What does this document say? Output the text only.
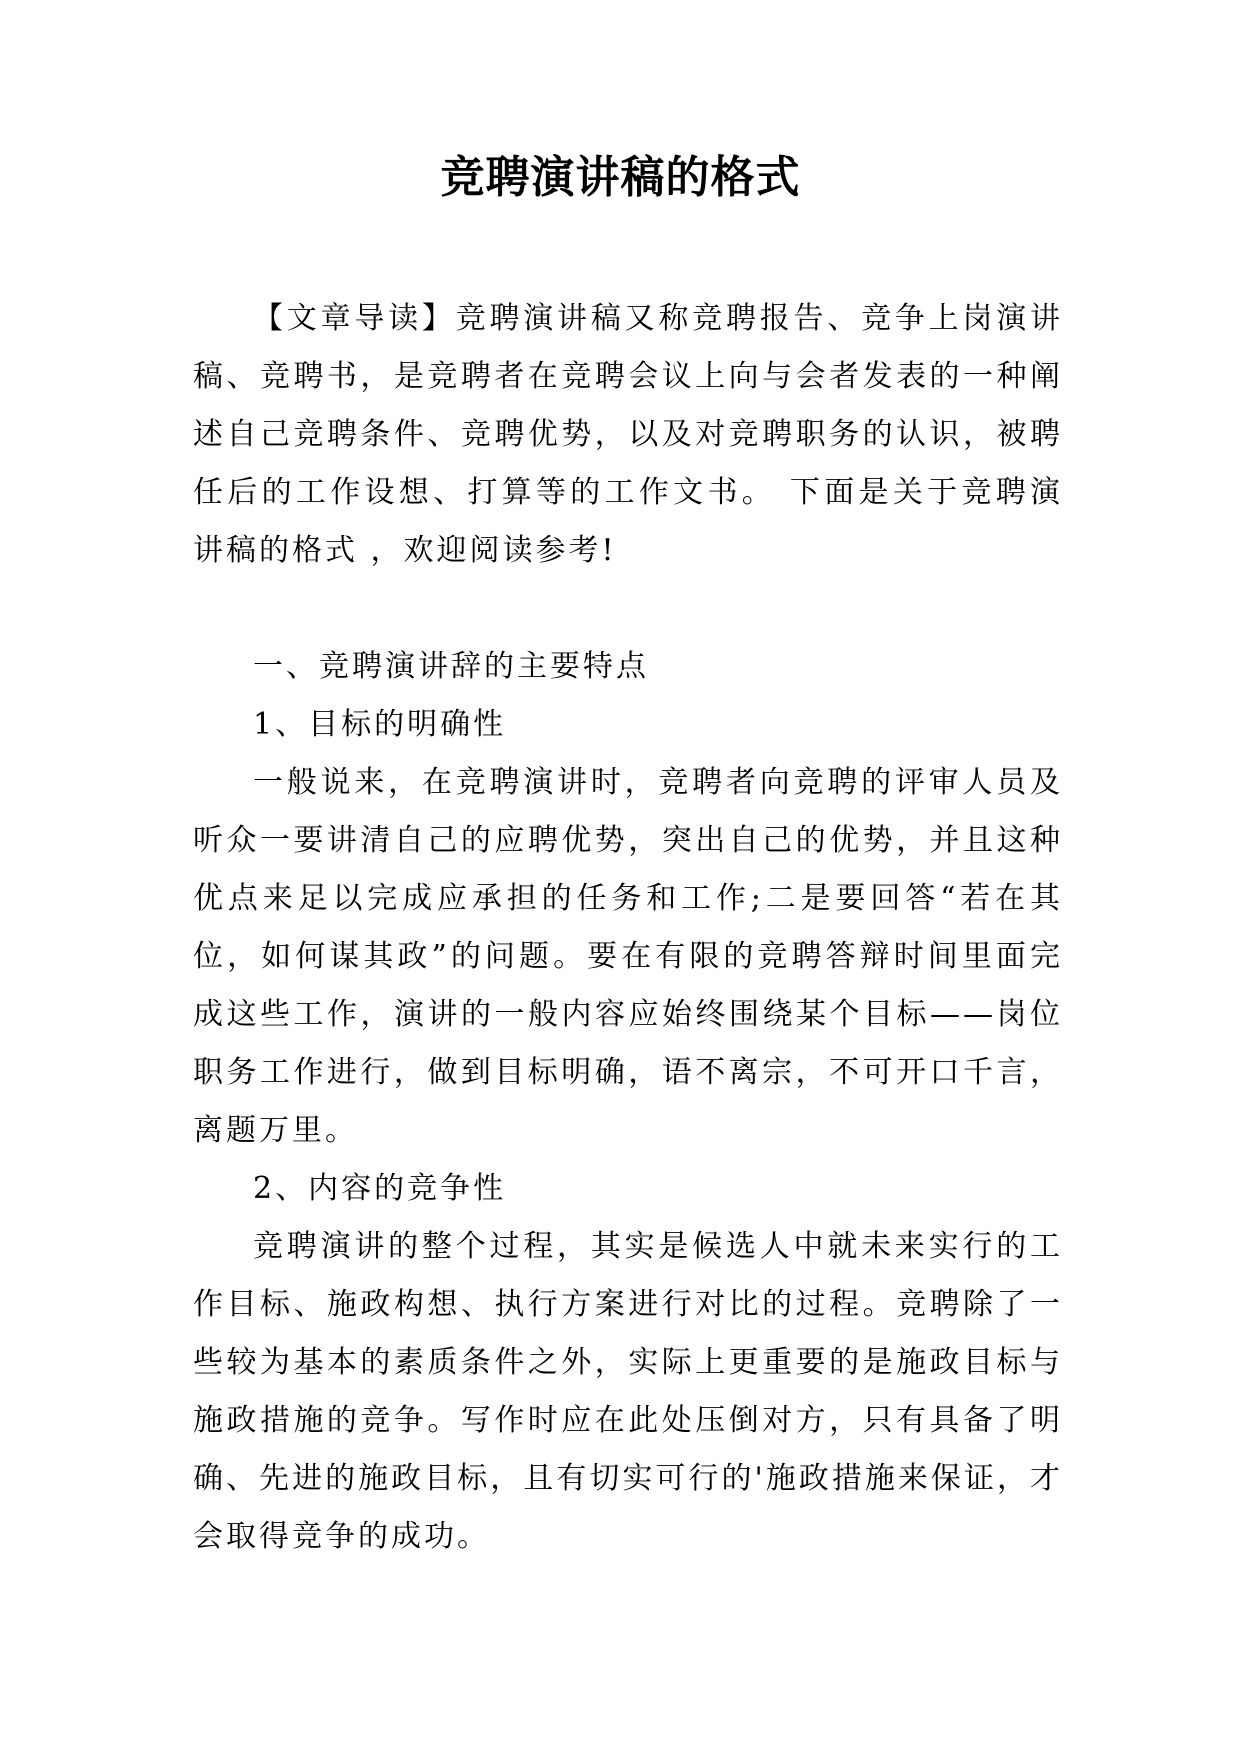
竞聘演讲稿的格式

【文章导读】竞聘演讲稿又称竞聘报告、竞争上岗演讲稿、竞聘书，是竞聘者在竞聘会议上向与会者发表的一种阐述自己竞聘条件、竞聘优势，以及对竞聘职务的认识，被聘任后的工作设想、打算等的工作文书。 下面是关于竞聘演讲稿的格式 ，欢迎阅读参考!

一、竞聘演讲辞的主要特点

1、目标的明确性

一般说来，在竞聘演讲时，竞聘者向竞聘的评审人员及听众一要讲清自己的应聘优势，突出自己的优势，并且这种优点来足以完成应承担的任务和工作;二是要回答“若在其位，如何谋其政”的问题。要在有限的竞聘答辩时间里面完成这些工作，演讲的一般内容应始终围绕某个目标——岗位职务工作进行，做到目标明确，语不离宗，不可开口千言，离题万里。

2、内容的竞争性

竞聘演讲的整个过程，其实是候选人中就未来实行的工作目标、施政构想、执行方案进行对比的过程。竞聘除了一些较为基本的素质条件之外，实际上更重要的是施政目标与施政措施的竞争。写作时应在此处压倒对方，只有具备了明确、先进的施政目标，且有切实可行的'施政措施来保证，才会取得竞争的成功。
